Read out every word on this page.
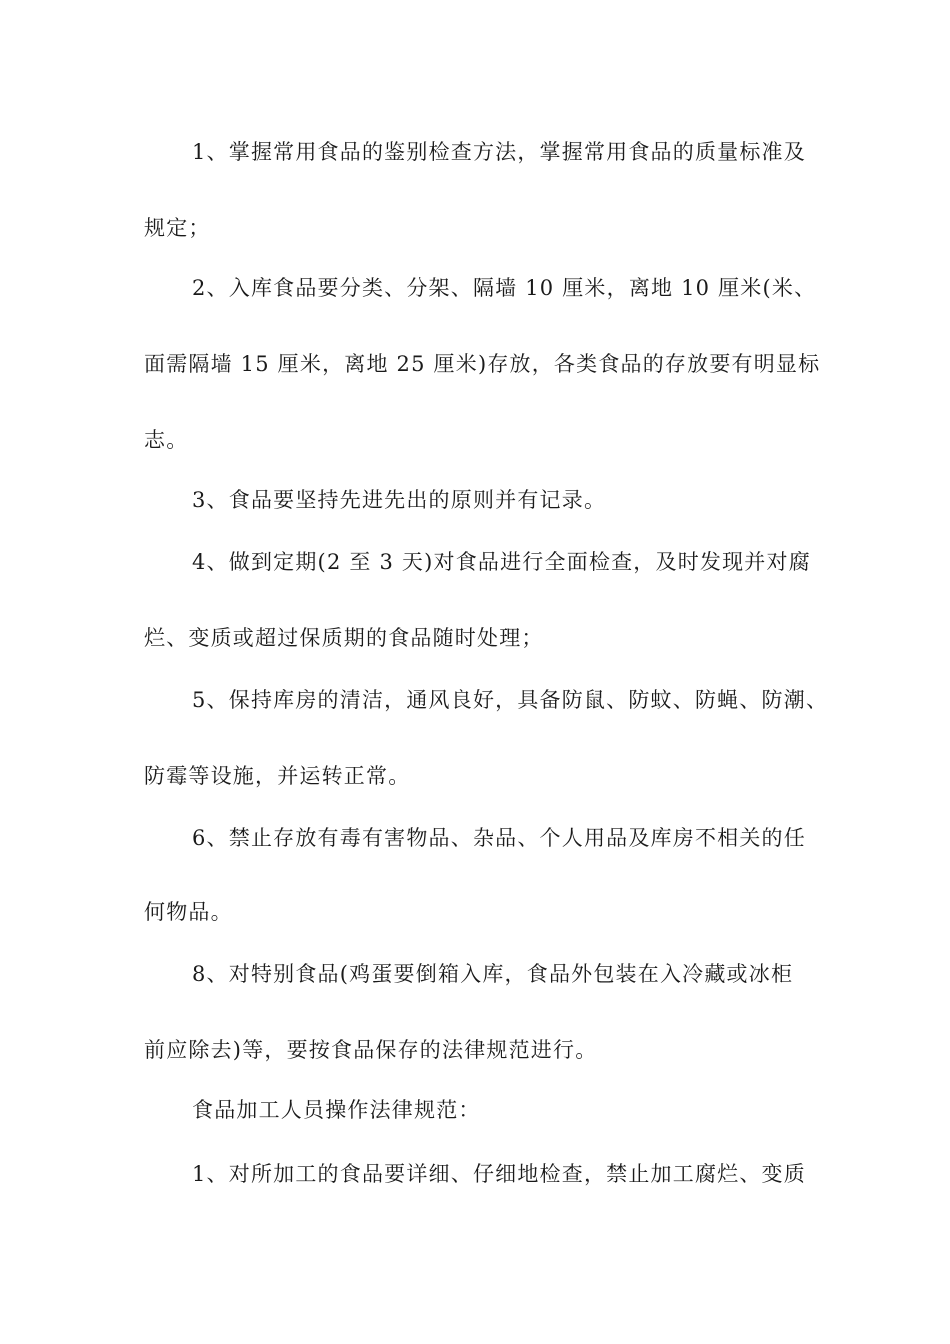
1、掌握常用食品的鉴别检查方法，掌握常用食品的质量标准及
规定；
2、入库食品要分类、分架、隔墙 10 厘米，离地 10 厘米(米、
面需隔墙 15 厘米，离地 25 厘米)存放，各类食品的存放要有明显标
志。
3、食品要坚持先进先出的原则并有记录。
4、做到定期(2 至 3 天)对食品进行全面检查，及时发现并对腐
烂、变质或超过保质期的食品随时处理；
5、保持库房的清洁，通风良好，具备防鼠、防蚊、防蝇、防潮、
防霉等设施，并运转正常。
6、禁止存放有毒有害物品、杂品、个人用品及库房不相关的任
何物品。
8、对特别食品(鸡蛋要倒箱入库，食品外包装在入冷藏或冰柜
前应除去)等，要按食品保存的法律规范进行。
食品加工人员操作法律规范：
1、对所加工的食品要详细、仔细地检查，禁止加工腐烂、变质
